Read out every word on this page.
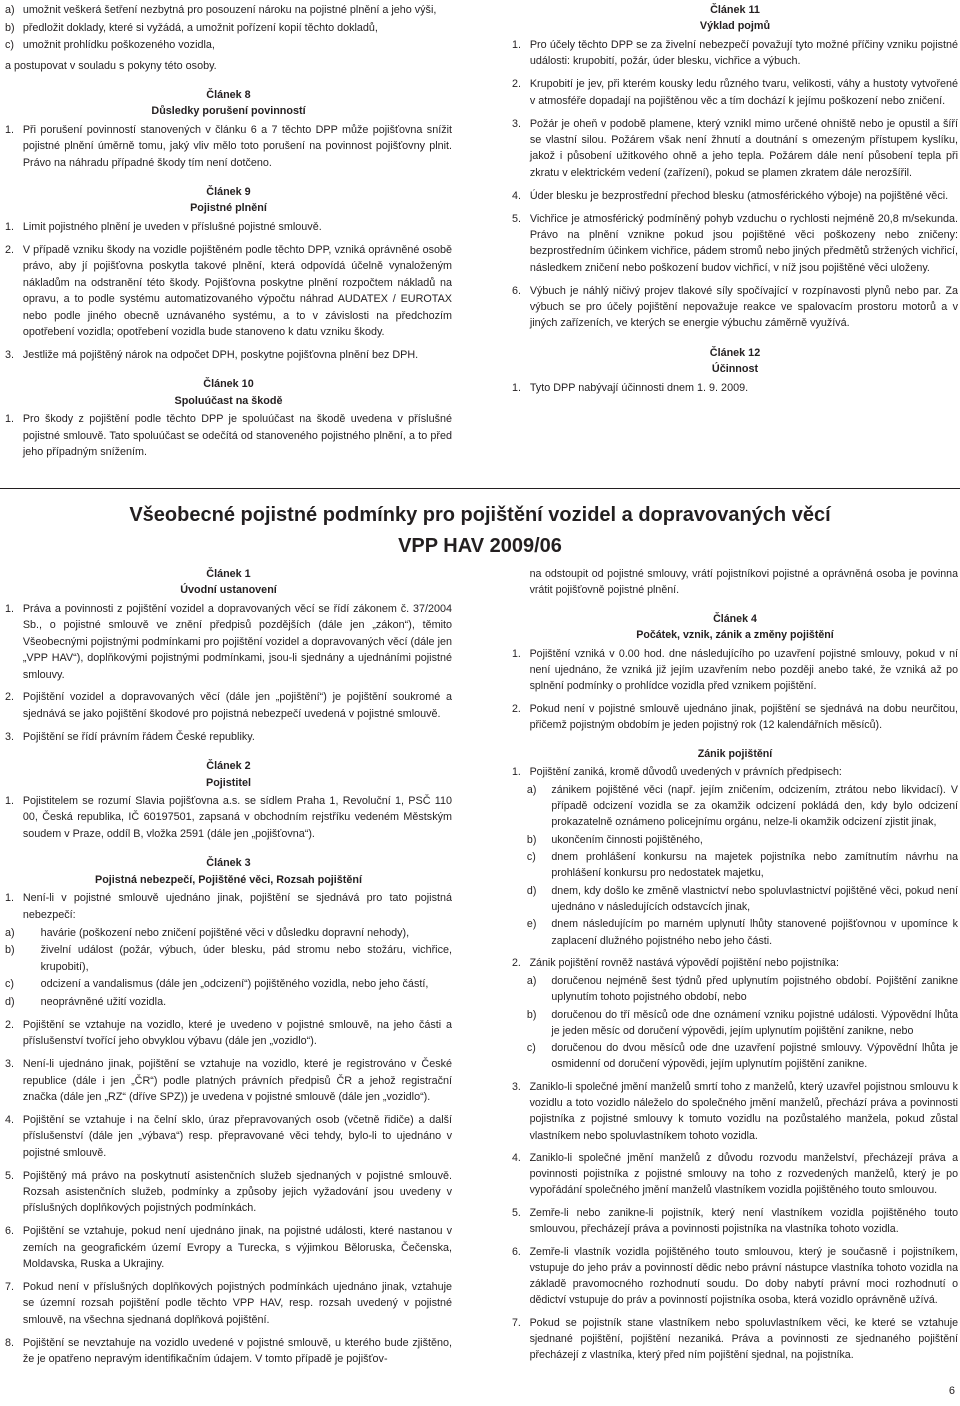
a) umožnit veškerá šetření nezbytná pro posouzení nároku na pojistné plnění a jeho výši,
b) předložit doklady, které si vyžádá, a umožnit pořízení kopií těchto dokladů,
c) umožnit prohlídku poškozeného vozidla,

a postupovat v souladu s pokyny této osoby.

Článek 8
Důsledky porušení povinností
1. Při porušení povinností stanovených v článku 6 a 7 těchto DPP může pojišťovna snížit pojistné plnění úměrně tomu, jaký vliv mělo toto porušení na povinnost pojišťovny plnit. Právo na náhradu případné škody tím není dotčeno.
Článek 9
Pojistné plnění
1. Limit pojistného plnění je uveden v příslušné pojistné smlouvě.
2. V případě vzniku škody na vozidle pojištěném podle těchto DPP, vzniká oprávněné osobě právo, aby jí pojišťovna poskytla takové plnění, která odpovídá účelně vynaloženým nákladům na odstranění této škody. Pojišťovna poskytne plnění rozpočtem nákladů na opravu, a to podle systému automatizovaného výpočtu náhrad AUDATEX / EUROTAX nebo podle jiného obecně uznávaného systému, a to v závislosti na předchozím opotřebení vozidla; opotřebení vozidla bude stanoveno k datu vzniku škody.
3. Jestliže má pojištěný nárok na odpočet DPH, poskytne pojišťovna plnění bez DPH.
Článek 10
Spoluúčast na škodě
1. Pro škody z pojištění podle těchto DPP je spoluúčast na škodě uvedena v příslušné pojistné smlouvě. Tato spoluúčast se odečítá od stanoveného pojistného plnění, a to před jeho případným snížením.
Článek 11
Výklad pojmů
1. Pro účely těchto DPP se za živelní nebezpečí považují tyto možné příčiny vzniku pojistné události: krupobití, požár, úder blesku, vichřice a výbuch.
2. Krupobití je jev, při kterém kousky ledu různého tvaru, velikosti, váhy a hustoty vytvořené v atmosféře dopadají na pojištěnou věc a tím dochází k jejímu poškození nebo zničení.
3. Požár je oheň v podobě plamene, který vznikl mimo určené ohniště nebo je opustil a šíří se vlastní silou. Požárem však není žhnutí a doutnání s omezeným přístupem kyslíku, jakož i působení užitkového ohně a jeho tepla. Požárem dále není působení tepla při zkratu v elektrickém vedení (zařízení), pokud se plamen zkratem dále nerozšířil.
4. Úder blesku je bezprostřední přechod blesku (atmosférického výboje) na pojištěné věci.
5. Vichřice je atmosférický podmíněný pohyb vzduchu o rychlosti nejméně 20,8 m/sekunda. Právo na plnění vznikne pokud jsou pojištěné věci poškozeny nebo zničeny: bezprostředním účinkem vichřice, pádem stromů nebo jiných předmětů stržených vichřicí, následkem zničení nebo poškození budov vichřicí, v níž jsou pojištěné věci uloženy.
6. Výbuch je náhlý ničivý projev tlakové síly spočívající v rozpínavosti plynů nebo par. Za výbuch se pro účely pojištění nepovažuje reakce ve spalovacím prostoru motorů a v jiných zařízeních, ve kterých se energie výbuchu záměrně využívá.
Článek 12
Účinnost
1. Tyto DPP nabývají účinnosti dnem 1. 9. 2009.
Všeobecné pojistné podmínky pro pojištění vozidel a dopravovaných věcí
VPP HAV 2009/06
Článek 1
Úvodní ustanovení
1. Práva a povinnosti z pojištění vozidel a dopravovaných věcí se řídí zákonem č. 37/2004 Sb., o pojistné smlouvě ve znění předpisů pozdějších (dále jen „zákon“), těmito Všeobecnými pojistnými podmínkami pro pojištění vozidel a dopravovaných věcí (dále jen „VPP HAV“), doplňkovými pojistnými podmínkami, jsou-li sjednány a ujednáními pojistné smlouvy.
2. Pojištění vozidel a dopravovaných věcí (dále jen „pojištění“) je pojištění soukromé a sjednává se jako pojištění škodové pro pojistná nebezpečí uvedená v pojistné smlouvě.
3. Pojištění se řídí právním řádem České republiky.
Článek 2
Pojistitel
1. Pojistitelem se rozumí Slavia pojišťovna a.s. se sídlem Praha 1, Revoluční 1, PSČ 110 00, Česká republika, IČ 60197501, zapsaná v obchodním rejstříku vedeném Městským soudem v Praze, oddíl B, vložka 2591 (dále jen „pojišťovna“).
Článek 3
Pojistná nebezpečí, Pojištěné věci, Rozsah pojištění
1. Není-li v pojistné smlouvě ujednáno jinak, pojištění se sjednává pro tato pojistná nebezpečí:
a)	havárie (poškození nebo zničení pojištěné věci v důsledku dopravní nehody),
b)	živelní událost (požár, výbuch, úder blesku, pád stromu nebo stožáru, vichřice, krupobití),
c)	odcizení a vandalismus (dále jen „odcizení“) pojištěného vozidla, nebo jeho částí,
d)	neoprávněné užití vozidla.
2. Pojištění se vztahuje na vozidlo, které je uvedeno v pojistné smlouvě, na jeho části a příslušenství tvořící jeho obvyklou výbavu (dále jen „vozidlo“).
3. Není-li ujednáno jinak, pojištění se vztahuje na vozidlo, které je registrováno v České republice (dále i jen „ČR“) podle platných právních předpisů ČR a jehož registrační značka (dále jen „RZ“ (dříve SPZ)) je uvedena v pojistné smlouvě (dále jen „vozidlo“).
4. Pojištění se vztahuje i na čelní sklo, úraz přepravovaných osob (včetně řidiče) a další příslušenství (dále jen „výbava“) resp. přepravované věci tehdy, bylo-li to ujednáno v pojistné smlouvě.
5. Pojištěný má právo na poskytnutí asistenčních služeb sjednaných v pojistné smlouvě. Rozsah asistenčních služeb, podmínky a způsoby jejich vyžadování jsou uvedeny v příslušných doplňkových pojistných podmínkách.
6. Pojištění se vztahuje, pokud není ujednáno jinak, na pojistné události, které nastanou v zemích na geografickém území Evropy a Turecka, s výjimkou Běloruska, Čečenska, Moldavska, Ruska a Ukrajiny.
7. Pokud není v příslušných doplňkových pojistných podmínkách ujednáno jinak, vztahuje se územní rozsah pojištění podle těchto VPP HAV, resp. rozsah uvedený v pojistné smlouvě, na všechna sjednaná doplňková pojištění.
8. Pojištění se nevztahuje na vozidlo uvedené v pojistné smlouvě, u kterého bude zjištěno, že je opatřeno nepravým identifikačním údajem. V tomto případě je pojišťov-

na odstoupit od pojistné smlouvy, vrátí pojistníkovi pojistné a oprávněná osoba je povinna vrátit pojišťovně pojistné plnění.

Článek 4
Počátek, vznik, zánik a změny pojištění
1. Pojištění vzniká v 0.00 hod. dne následujícího po uzavření pojistné smlouvy, pokud v ní není ujednáno, že vzniká již jejím uzavřením nebo později anebo také, že vzniká až po splnění podmínky o prohlídce vozidla před vznikem pojištění.
2. Pokud není v pojistné smlouvě ujednáno jinak, pojištění se sjednává na dobu neurčitou, přičemž pojistným obdobím je jeden pojistný rok (12 kalendářních měsíců).
Zánik pojištění
1. Pojištění zaniká, kromě důvodů uvedených v právních předpisech:
a)	zánikem pojištěné věci (např. jejím zničením, odcizením, ztrátou nebo likvidací). V případě odcizení vozidla se za okamžik odcizení pokládá den, kdy bylo odcizení prokazatelně oznámeno policejnímu orgánu, nelze-li okamžik odcizení zjistit jinak,
b)	ukončením činnosti pojištěného,
c)	dnem prohlášení konkursu na majetek pojistníka nebo zamítnutím návrhu na prohlášení konkursu pro nedostatek majetku,
d)	dnem, kdy došlo ke změně vlastnictví nebo spoluvlastnictví pojištěné věci, pokud není ujednáno v následujících odstavcích jinak,
e)	dnem následujícím po marném uplynutí lhůty stanovené pojišťovnou v upomínce k zaplacení dlužného pojistného nebo jeho části.
2. Zánik pojištění rovněž nastává výpovědí pojištění nebo pojistníka:
a)	doručenou nejméně šest týdnů před uplynutím pojistného období. Pojištění zanikne uplynutím tohoto pojistného období, nebo
b)	doručenou do tří měsíců ode dne oznámení vzniku pojistné události. Výpovědní lhůta je jeden měsíc od doručení výpovědi, jejím uplynutím pojištění zanikne, nebo
c)	doručenou do dvou měsíců ode dne uzavření pojistné smlouvy. Výpovědní lhůta je osmidenní od doručení výpovědi, jejím uplynutím pojištění zanikne.
3. Zaniklo-li společné jmění manželů smrtí toho z manželů, který uzavřel pojistnou smlouvu k vozidlu a toto vozidlo náleželo do společného jmění manželů, přechází práva a povinnosti pojistníka z pojistné smlouvy k tomuto vozidlu na pozůstalého manžela, pokud zůstal vlastníkem nebo spoluvlastníkem tohoto vozidla.
4. Zaniklo-li společné jmění manželů z důvodu rozvodu manželství, přecházejí práva a povinnosti pojistníka z pojistné smlouvy na toho z rozvedených manželů, který je po vypořádání společného jmění manželů vlastníkem vozidla pojištěného touto smlouvou.
5. Zemře-li nebo zanikne-li pojistník, který není vlastníkem vozidla pojištěného touto smlouvou, přecházejí práva a povinnosti pojistníka na vlastníka tohoto vozidla.
6. Zemře-li vlastník vozidla pojištěného touto smlouvou, který je současně i pojistníkem, vstupuje do jeho práv a povinností dědic nebo právní nástupce vlastníka tohoto vozidla na základě pravomocného rozhodnutí soudu. Do doby nabytí právní moci rozhodnutí o dědictví vstupuje do práv a povinností pojistníka osoba, která vozidlo oprávněně užívá.
7. Pokud se pojistník stane vlastníkem nebo spoluvlastníkem věci, ke které se vztahuje sjednané pojištění, pojištění nezaniká. Práva a povinnosti ze sjednaného pojištění přecházejí z vlastníka, který před ním pojištění sjednal, na pojistníka.
6
